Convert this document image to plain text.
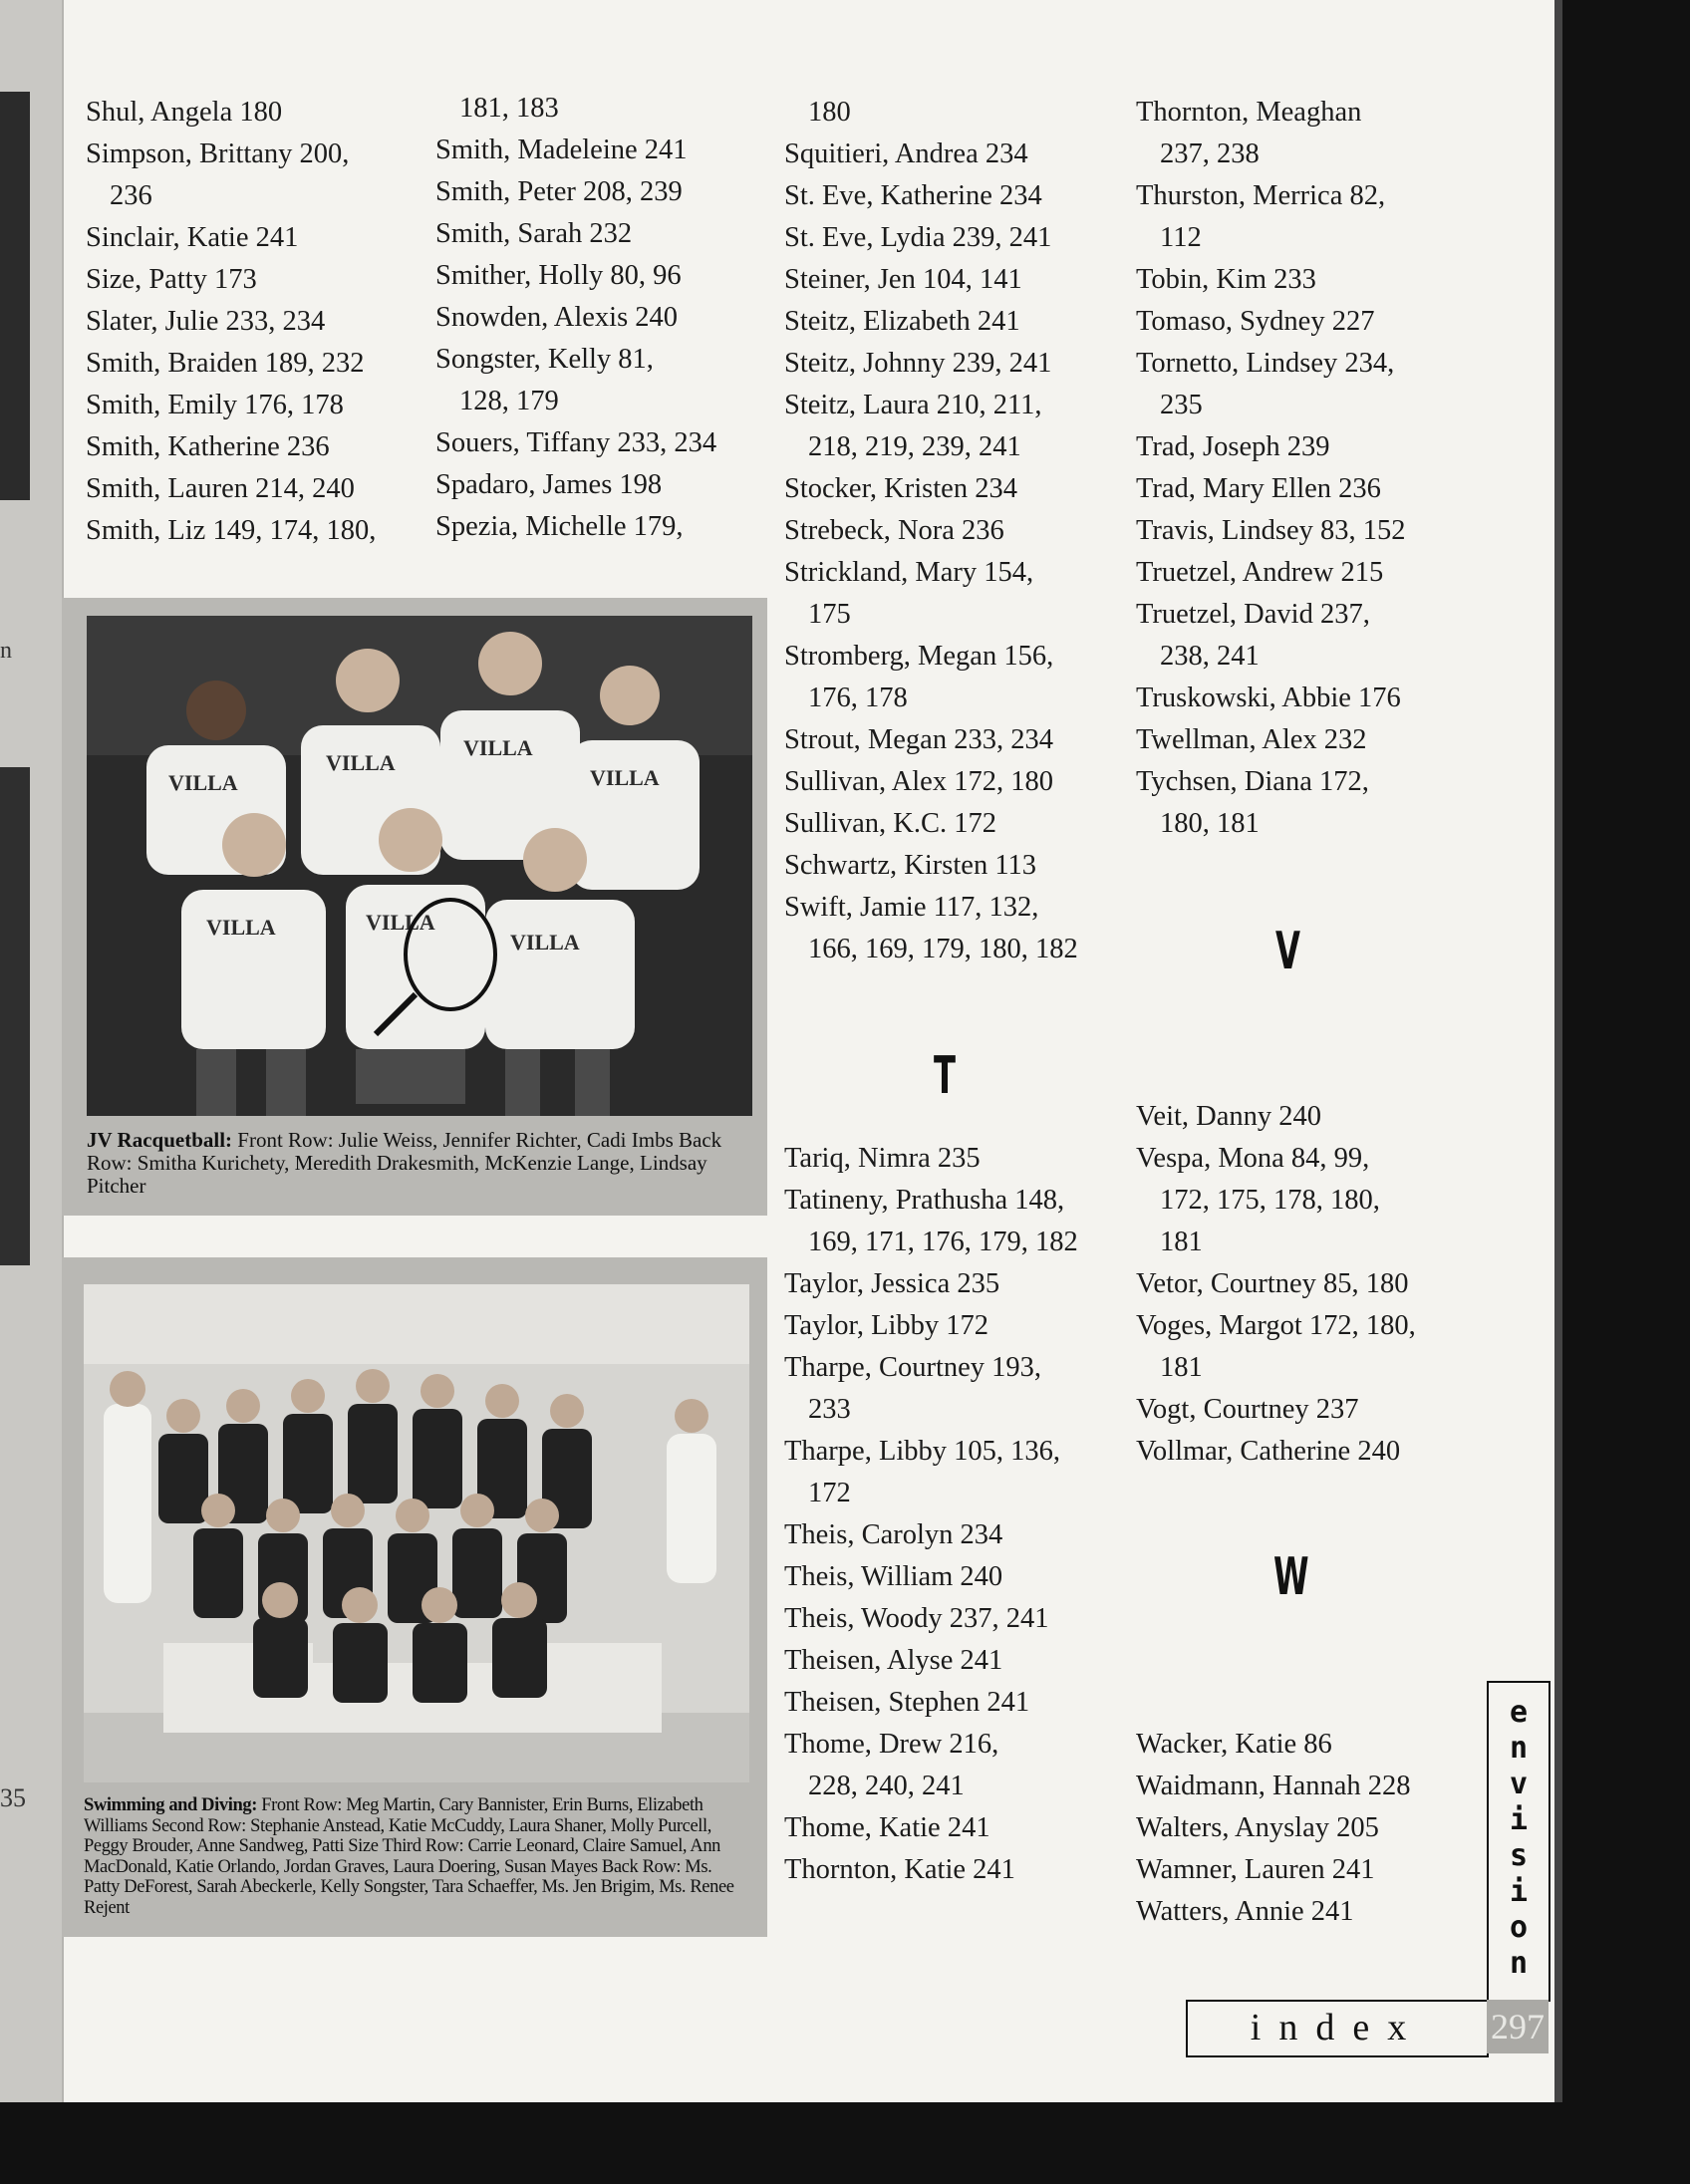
n
35
Shul, Angela 180
Simpson, Brittany 200,
236
Sinclair, Katie 241
Size, Patty 173
Slater, Julie 233, 234
Smith, Braiden 189, 232
Smith, Emily 176, 178
Smith, Katherine 236
Smith, Lauren 214, 240
Smith, Liz 149, 174, 180,
181, 183
Smith, Madeleine 241
Smith, Peter 208, 239
Smith, Sarah 232
Smither, Holly 80, 96
Snowden, Alexis 240
Songster, Kelly 81,
128, 179
Souers, Tiffany 233, 234
Spadaro, James 198
Spezia, Michelle 179,
180
Squitieri, Andrea 234
St. Eve, Katherine 234
St. Eve, Lydia 239, 241
Steiner, Jen 104, 141
Steitz, Elizabeth 241
Steitz, Johnny 239, 241
Steitz, Laura 210, 211,
218, 219, 239, 241
Stocker, Kristen 234
Strebeck, Nora 236
Strickland, Mary 154,
175
Stromberg, Megan 156,
176, 178
Strout, Megan 233, 234
Sullivan, Alex 172, 180
Sullivan, K.C. 172
Schwartz, Kirsten 113
Swift, Jamie 117, 132,
166, 169, 179, 180, 182
Tariq, Nimra 235
Tatineny, Prathusha 148,
169, 171, 176, 179, 182
Taylor, Jessica 235
Taylor, Libby 172
Tharpe, Courtney 193,
233
Tharpe, Libby 105, 136,
172
Theis, Carolyn 234
Theis, William 240
Theis, Woody 237, 241
Theisen, Alyse 241
Theisen, Stephen 241
Thome, Drew 216,
228, 240, 241
Thome, Katie 241
Thornton, Katie 241
Thornton, Meaghan
237, 238
Thurston, Merrica 82,
112
Tobin, Kim 233
Tomaso, Sydney 227
Tornetto, Lindsey 234,
235
Trad, Joseph 239
Trad, Mary Ellen 236
Travis, Lindsey 83, 152
Truetzel, Andrew 215
Truetzel, David 237,
238, 241
Truskowski, Abbie 176
Twellman, Alex 232
Tychsen, Diana 172,
180, 181
Veit, Danny 240
Vespa, Mona 84, 99,
172, 175, 178, 180,
181
Vetor, Courtney 85, 180
Voges, Margot 172, 180,
181
Vogt, Courtney 237
Vollmar, Catherine 240
Wacker, Katie 86
Waidmann, Hannah 228
Walters, Anyslay 205
Wamner, Lauren 241
Watters, Annie 241
T
V
W
VILLA
VILLA
VILLA
VILLA
VILLA	VILLA
VILLA
JV Racquetball: Front Row: Julie Weiss, Jennifer Richter, Cadi Imbs Back Row: Smitha Kurichety, Meredith Drakesmith, McKenzie Lange, Lindsay Pitcher
Swimming and Diving: Front Row: Meg Martin, Cary Bannister, Erin Burns, Elizabeth Williams Second Row: Stephanie Anstead, Katie McCuddy, Laura Shaner, Molly Purcell, Peggy Brouder, Anne Sandweg, Patti Size Third Row: Carrie Leonard, Claire Samuel, Ann MacDonald, Katie Orlando, Jordan Graves, Laura Doering, Susan Mayes Back Row: Ms. Patty DeForest, Sarah Abeckerle, Kelly Songster, Tara Schaeffer, Ms. Jen Brigim, Ms. Renee Rejent
e
n
v
i
s
i
o
n
index	297
